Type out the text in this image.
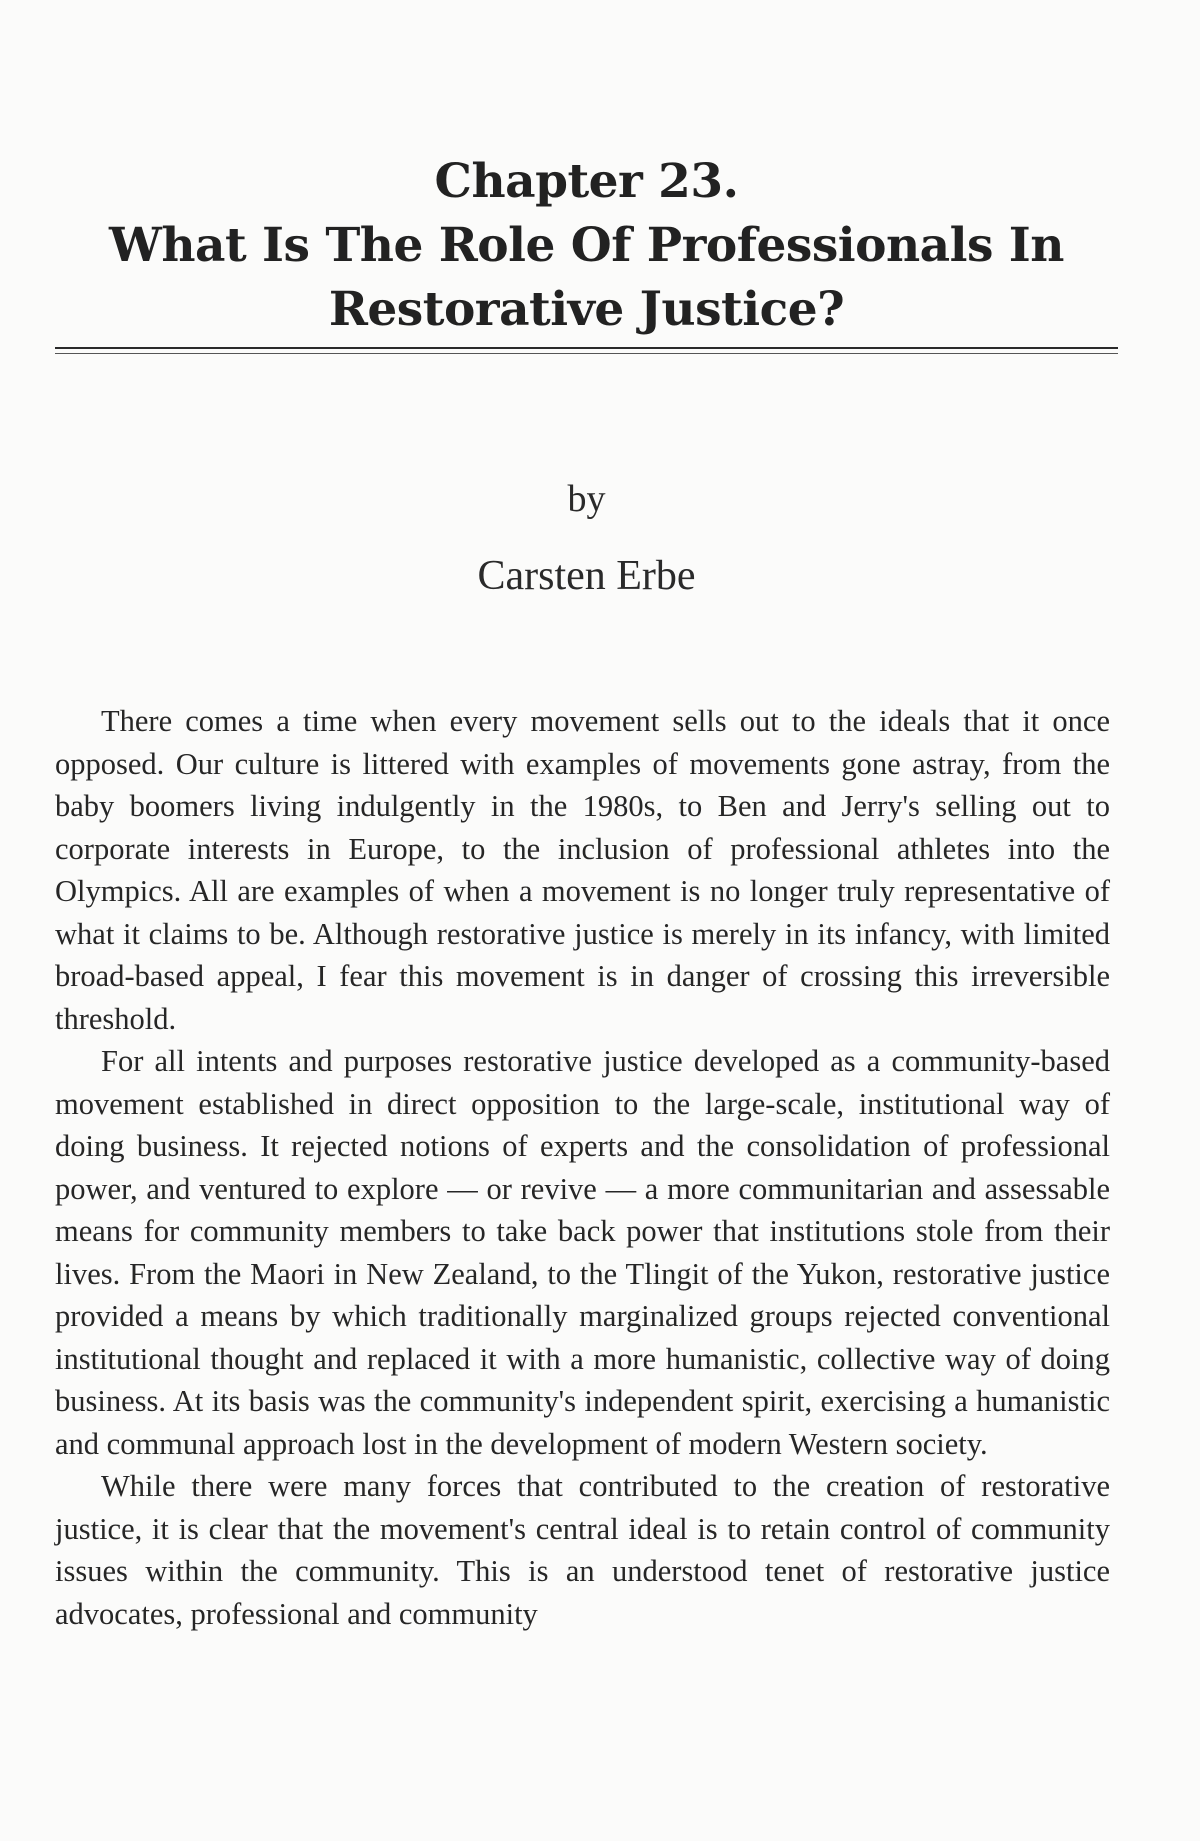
Chapter 23.
What Is The Role Of Professionals In
Restorative Justice?
by
Carsten Erbe

There comes a time when every movement sells out to the ideals that it once opposed. Our culture is littered with examples of movements gone astray, from the baby boomers living indulgently in the 1980s, to Ben and Jerry's selling out to corporate interests in Europe, to the inclusion of professional athletes into the Olympics. All are examples of when a movement is no longer truly representative of what it claims to be. Although restorative justice is merely in its infancy, with limited broad-based appeal, I fear this movement is in danger of crossing this irreversible threshold.

For all intents and purposes restorative justice developed as a community-based movement established in direct opposition to the large-scale, institutional way of doing business. It rejected notions of experts and the consolidation of professional power, and ventured to explore — or revive — a more communitarian and assessable means for community members to take back power that institutions stole from their lives. From the Maori in New Zealand, to the Tlingit of the Yukon, restorative justice provided a means by which traditionally marginalized groups rejected conventional institutional thought and replaced it with a more humanistic, collective way of doing business. At its basis was the community's independent spirit, exercising a humanistic and communal approach lost in the development of modern Western society.

While there were many forces that contributed to the creation of restorative justice, it is clear that the movement's central ideal is to retain control of community issues within the community. This is an understood tenet of restorative justice advocates, professional and community
